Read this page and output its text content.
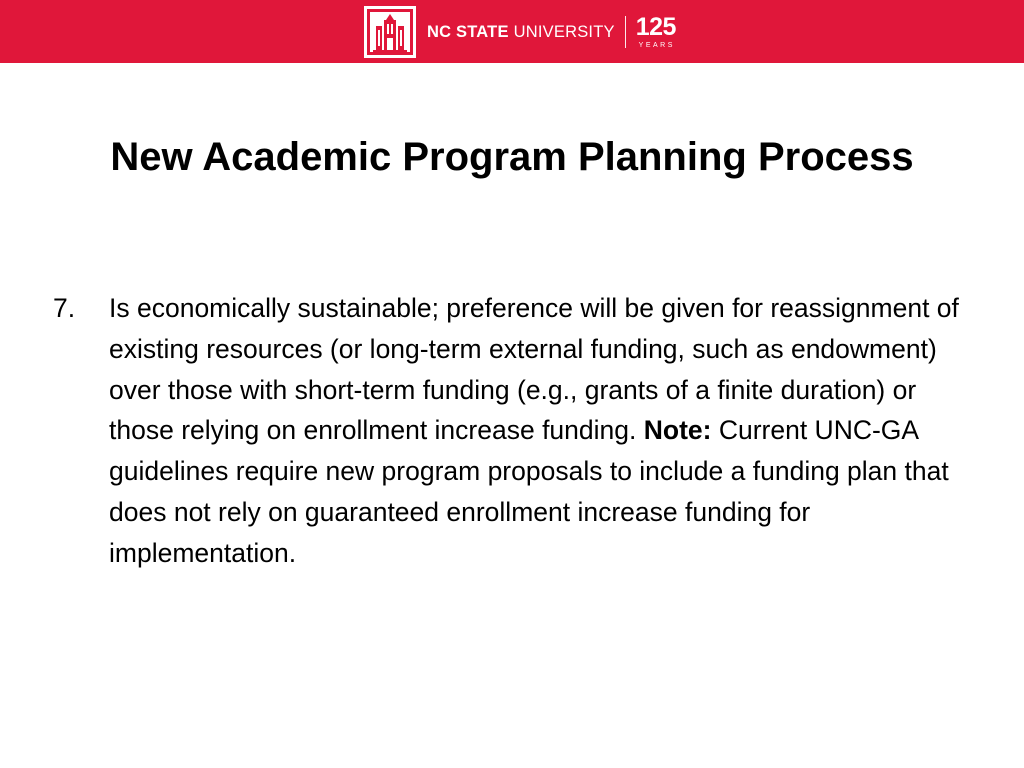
NC STATE UNIVERSITY 125
YEARS
New Academic Program Planning Process
7. Is economically sustainable; preference will be given for reassignment of existing resources (or long-term external funding, such as endowment) over those with short-term funding (e.g., grants of a finite duration) or those relying on enrollment increase funding. Note: Current UNC-GA guidelines require new program proposals to include a funding plan that does not rely on guaranteed enrollment increase funding for implementation.
